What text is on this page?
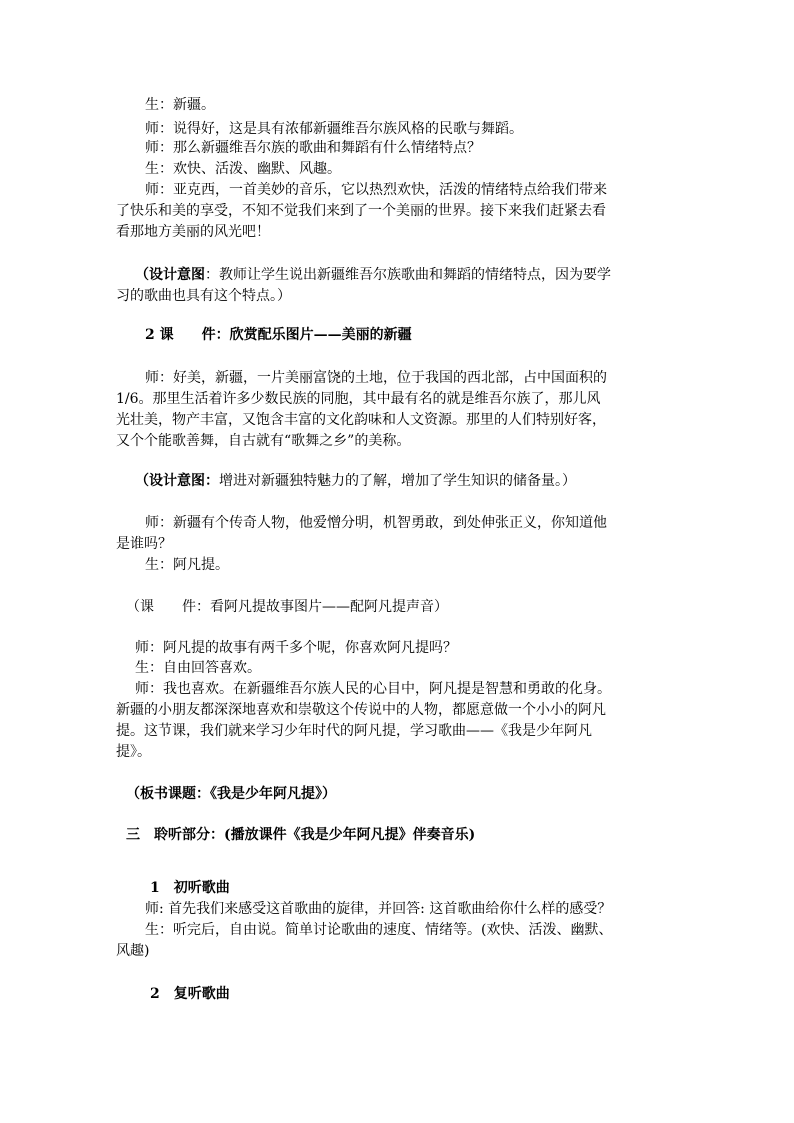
生：新疆。
师：说得好，这是具有浓郁新疆维吾尔族风格的民歌与舞蹈。
师：那么新疆维吾尔族的歌曲和舞蹈有什么情绪特点？
生：欢快、活泼、幽默、风趣。
师：亚克西，一首美妙的音乐，它以热烈欢快，活泼的情绪特点给我们带来
了快乐和美的享受，不知不觉我们来到了一个美丽的世界。接下来我们赶紧去看
看那地方美丽的风光吧！
（设计意图：教师让学生说出新疆维吾尔族歌曲和舞蹈的情绪特点，因为要学
习的歌曲也具有这个特点。）
2 课　　件：欣赏配乐图片——美丽的新疆
师：好美，新疆，一片美丽富饶的土地，位于我国的西北部，占中国面积的
1/6。那里生活着许多少数民族的同胞，其中最有名的就是维吾尔族了，那儿风
光壮美，物产丰富，又饱含丰富的文化韵味和人文资源。那里的人们特别好客，
又个个能歌善舞，自古就有“歌舞之乡”的美称。
（设计意图：增进对新疆独特魅力的了解，增加了学生知识的储备量。）
师：新疆有个传奇人物，他爱憎分明，机智勇敢，到处伸张正义，你知道他
是谁吗？
生：阿凡提。
（课　　件：看阿凡提故事图片——配阿凡提声音）
师：阿凡提的故事有两千多个呢，你喜欢阿凡提吗？
生：自由回答喜欢。
师：我也喜欢。在新疆维吾尔族人民的心目中，阿凡提是智慧和勇敢的化身。
新疆的小朋友都深深地喜欢和崇敬这个传说中的人物，都愿意做一个小小的阿凡
提。这节课，我们就来学习少年时代的阿凡提，学习歌曲——《我是少年阿凡
提》。
（板书课题：《我是少年阿凡提》）
三　聆听部分：(播放课件《我是少年阿凡提》伴奏音乐)
1　初听歌曲
师: 首先我们来感受这首歌曲的旋律，并回答: 这首歌曲给你什么样的感受？
生：听完后，自由说。简单讨论歌曲的速度、情绪等。(欢快、活泼、幽默、
风趣)
2　复听歌曲
